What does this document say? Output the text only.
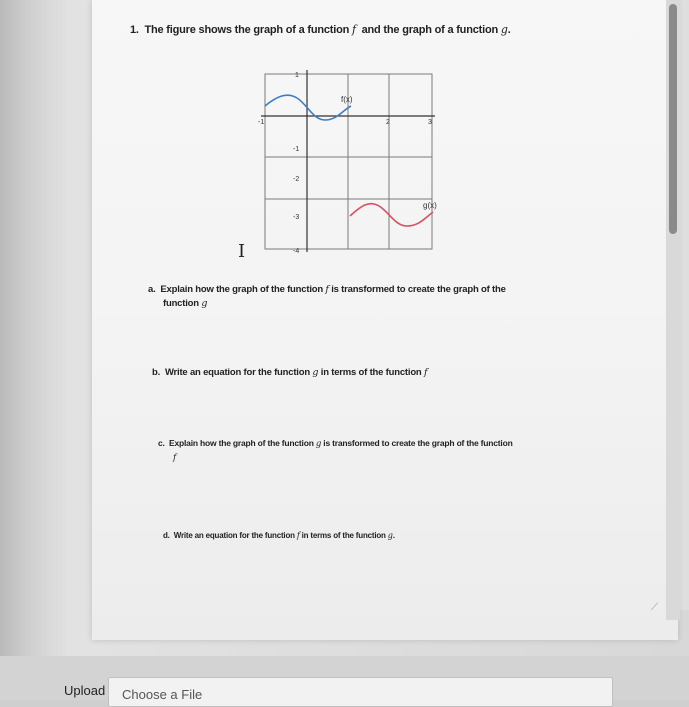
⟋
1. The figure shows the graph of a function f and the graph of a function g.
f(x)
g(x)
-1	2	3
1
-1
-2
-3
-4
I
a. Explain how the graph of the function f is transformed to create the graph of the
function g
b. Write an equation for the function g in terms of the function f
c. Explain how the graph of the function g is transformed to create the graph of the function
f
d. Write an equation for the function f in terms of the function g.
Upload Choose a File
